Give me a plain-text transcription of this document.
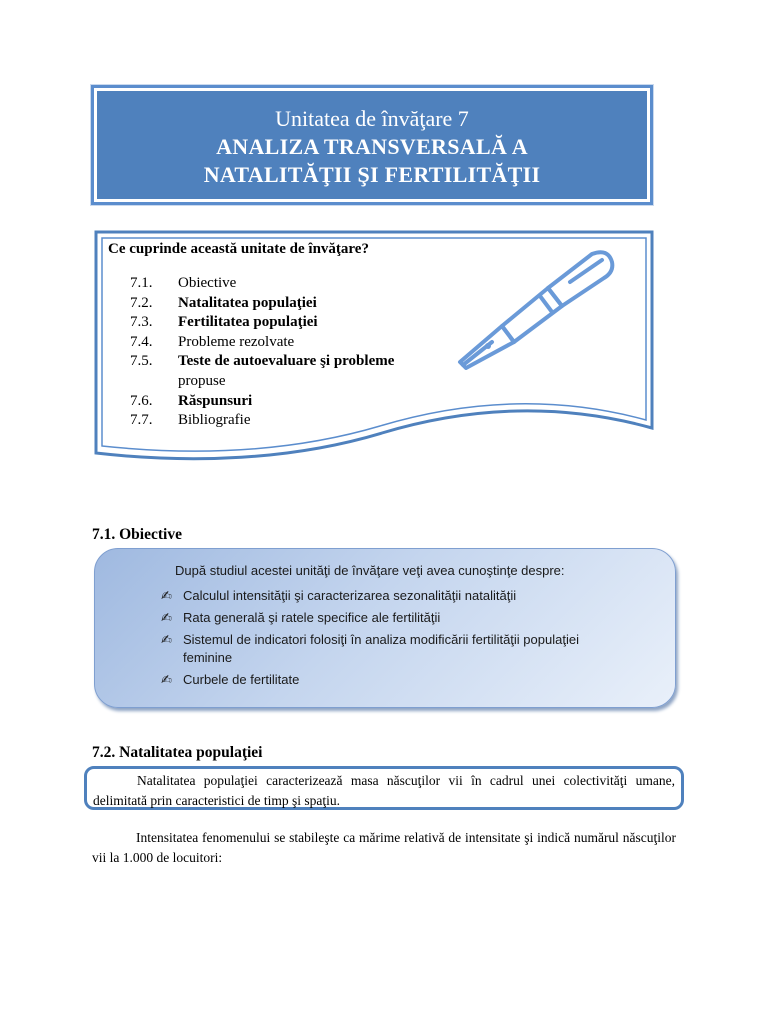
Unitatea de învăţare 7
ANALIZA TRANSVERSALĂ A
NATALITĂŢII ŞI FERTILITĂŢII
Ce cuprinde această unitate de învăţare?
7.1.	Obiective
7.2.	Natalitatea populaţiei
7.3.	Fertilitatea populaţiei
7.4.	Probleme rezolvate
7.5.	Teste de autoevaluare şi probleme
propuse
7.6.	Răspunsuri
7.7.	Bibliografie
7.1. Obiective
După studiul acestei unităţi de învăţare veţi avea cunoştinţe despre:
✍ Calculul intensităţii şi caracterizarea sezonalităţii natalităţii
✍ Rata generală şi ratele specifice ale fertilităţii
✍ Sistemul de indicatori folosiţi în analiza modificării fertilităţii populaţiei
feminine
✍ Curbele de fertilitate
7.2. Natalitatea populaţiei
Natalitatea populaţiei caracterizează masa născuţilor vii în cadrul unei colectivităţi umane, delimitată prin caracteristici de timp şi spaţiu.
Intensitatea fenomenului se stabileşte ca mărime relativă de intensitate şi indică numărul născuţilor vii la 1.000 de locuitori:
